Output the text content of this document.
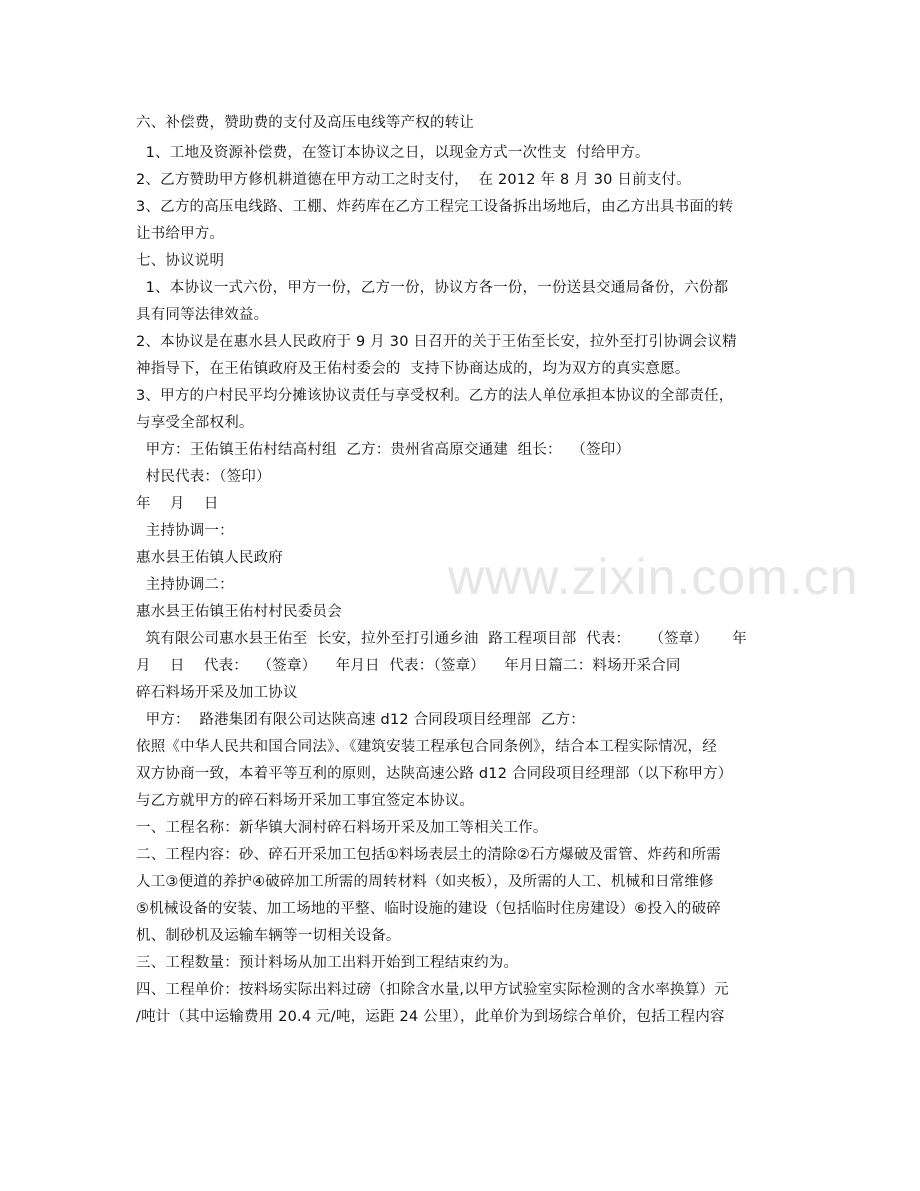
www.zixin.com.cn
六、补偿费，赞助费的支付及高压电线等产权的转让
1、工地及资源补偿费，在签订本协议之日，以现金方式一次性支  付给甲方。
2、乙方赞助甲方修机耕道德在甲方动工之时支付，  在 2012 年 8 月 30 日前支付。
3、乙方的高压电线路、工棚、炸药库在乙方工程完工设备拆出场地后，由乙方出具书面的转
让书给甲方。
七、协议说明
1、本协议一式六份，甲方一份，乙方一份，协议方各一份，一份送县交通局备份，六份都
具有同等法律效益。
2、本协议是在惠水县人民政府于 9 月 30 日召开的关于王佑至长安，拉外至打引协调会议精
神指导下，在王佑镇政府及王佑村委会的  支持下协商达成的，均为双方的真实意愿。
3、甲方的户村民平均分摊该协议责任与享受权利。乙方的法人单位承担本协议的全部责任，
与享受全部权利。
甲方：王佑镇王佑村结高村组  乙方：贵州省高原交通建  组长：  （签印）
村民代表：（签印）
年    月    日
主持协调一：
惠水县王佑镇人民政府
主持协调二：
惠水县王佑镇王佑村村民委员会
筑有限公司惠水县王佑至  长安，拉外至打引通乡油  路工程项目部  代表：    （签章）     年
月    日    代表：  （签章）    年月日  代表：（签章）    年月日篇二：料场开采合同
碎石料场开采及加工协议
甲方：  路港集团有限公司达陕高速 d12 合同段项目经理部  乙方：
依照《中华人民共和国合同法》、《建筑安装工程承包合同条例》，结合本工程实际情况，经
双方协商一致，本着平等互利的原则，达陕高速公路 d12 合同段项目经理部（以下称甲方）
与乙方就甲方的碎石料场开采加工事宜签定本协议。
一、工程名称：新华镇大洞村碎石料场开采及加工等相关工作。
二、工程内容：砂、碎石开采加工包括①料场表层土的清除②石方爆破及雷管、炸药和所需
人工③便道的养护④破碎加工所需的周转材料（如夹板），及所需的人工、机械和日常维修
⑤机械设备的安装、加工场地的平整、临时设施的建设（包括临时住房建设）⑥投入的破碎
机、制砂机及运输车辆等一切相关设备。
三、工程数量：预计料场从加工出料开始到工程结束约为。
四、工程单价：按料场实际出料过磅（扣除含水量,以甲方试验室实际检测的含水率换算）元
/吨计（其中运输费用 20.4 元/吨，运距 24 公里），此单价为到场综合单价，包括工程内容
